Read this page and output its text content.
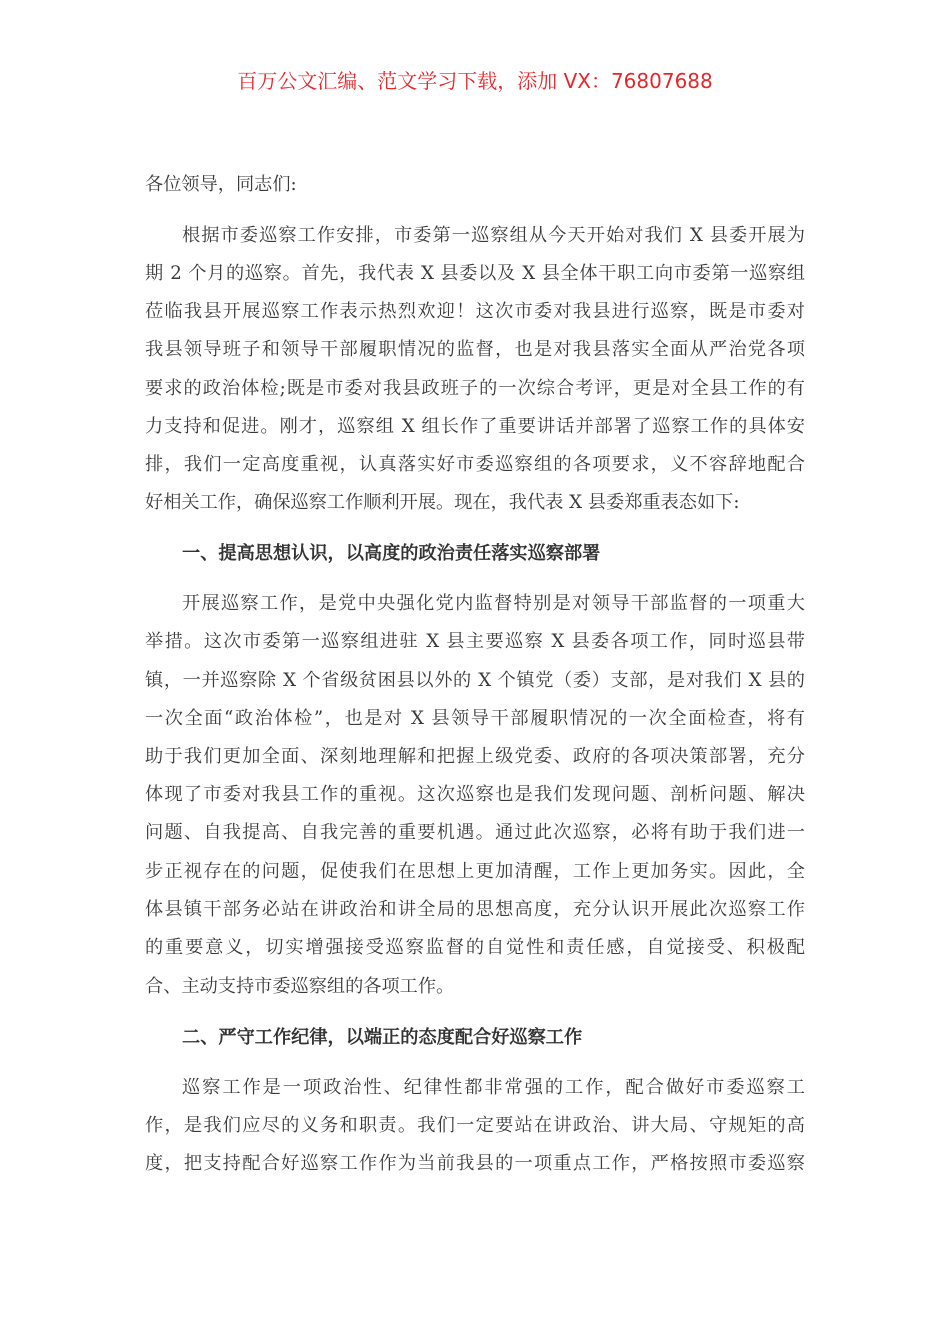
百万公文汇编、范文学习下载，添加 VX：76807688
各位领导，同志们:
根据市委巡察工作安排，市委第一巡察组从今天开始对我们 X 县委开展为
期 2 个月的巡察。首先，我代表 X 县委以及 X 县全体干职工向市委第一巡察组
莅临我县开展巡察工作表示热烈欢迎！这次市委对我县进行巡察，既是市委对
我县领导班子和领导干部履职情况的监督，也是对我县落实全面从严治党各项
要求的政治体检;既是市委对我县政班子的一次综合考评，更是对全县工作的有
力支持和促进。刚才，巡察组 X 组长作了重要讲话并部署了巡察工作的具体安
排，我们一定高度重视，认真落实好市委巡察组的各项要求，义不容辞地配合
好相关工作，确保巡察工作顺利开展。现在，我代表 X 县委郑重表态如下:
一、提高思想认识，以高度的政治责任落实巡察部署
开展巡察工作，是党中央强化党内监督特别是对领导干部监督的一项重大
举措。这次市委第一巡察组进驻 X 县主要巡察 X 县委各项工作，同时巡县带
镇，一并巡察除 X 个省级贫困县以外的 X 个镇党（委）支部，是对我们 X 县的
一次全面“政治体检”，也是对 X 县领导干部履职情况的一次全面检查，将有
助于我们更加全面、深刻地理解和把握上级党委、政府的各项决策部署，充分
体现了市委对我县工作的重视。这次巡察也是我们发现问题、剖析问题、解决
问题、自我提高、自我完善的重要机遇。通过此次巡察，必将有助于我们进一
步正视存在的问题，促使我们在思想上更加清醒，工作上更加务实。因此，全
体县镇干部务必站在讲政治和讲全局的思想高度，充分认识开展此次巡察工作
的重要意义，切实增强接受巡察监督的自觉性和责任感，自觉接受、积极配
合、主动支持市委巡察组的各项工作。
二、严守工作纪律，以端正的态度配合好巡察工作
巡察工作是一项政治性、纪律性都非常强的工作，配合做好市委巡察工
作，是我们应尽的义务和职责。我们一定要站在讲政治、讲大局、守规矩的高
度，把支持配合好巡察工作作为当前我县的一项重点工作，严格按照市委巡察
